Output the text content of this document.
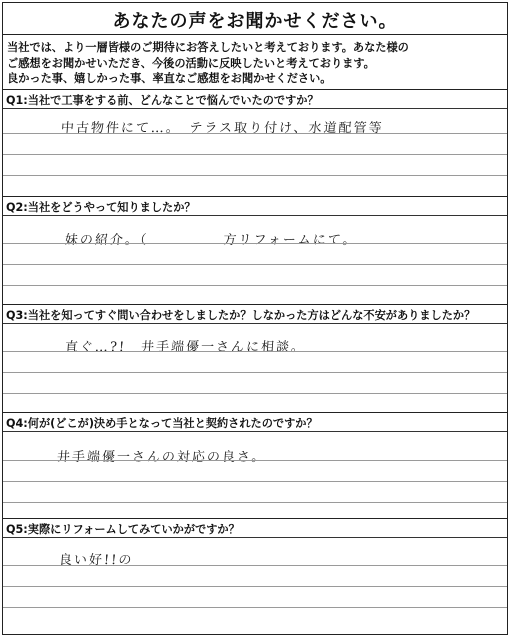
あなたの声をお聞かせください。
当社では、より一層皆様のご期待にお答えしたいと考えております。あなた様の
ご感想をお聞かせいただき、今後の活動に反映したいと考えております。
良かった事、嬉しかった事、率直なご感想をお聞かせください。
Q1:当社で工事をする前、どんなことで悩んでいたのですか？
中古物件にて…。　テラス取り付け、水道配管等
Q2:当社をどうやって知りましたか？
妹の紹介。（　　　　　方リフォームにて。
Q3:当社を知ってすぐ問い合わせをしましたか？しなかった方はどんな不安がありましたか？
直ぐ…?!　井手端優一さんに相談。
Q4:何が(どこが)決め手となって当社と契約されたのですか？
井手端優一さんの対応の良さ。
Q5:実際にリフォームしてみていかがですか？
良い好!!の
